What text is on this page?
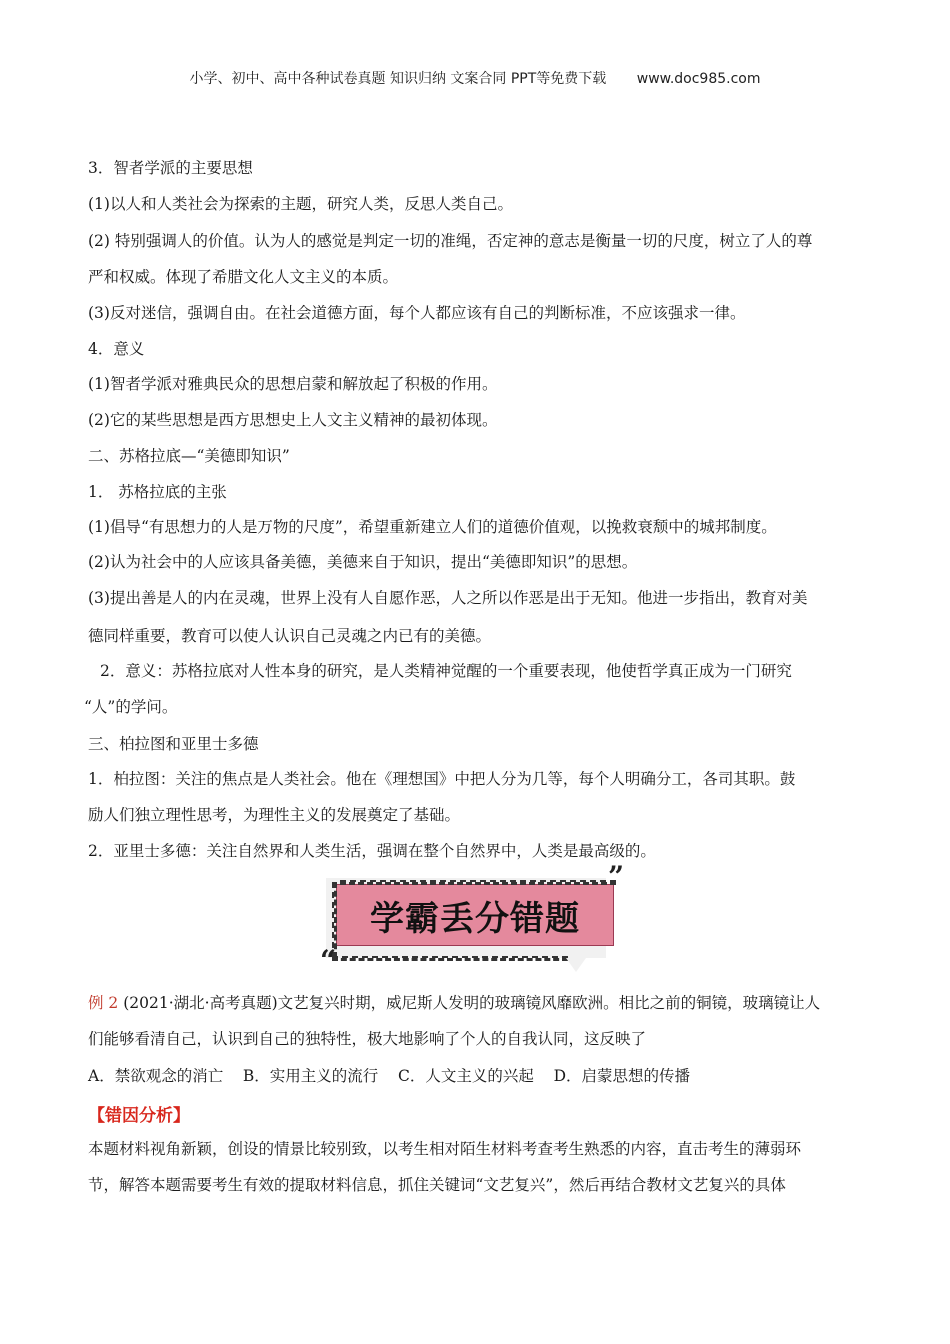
小学、初中、高中各种试卷真题 知识归纳 文案合同 PPT等免费下载 www.doc985.com
3．智者学派的主要思想
(1)以人和人类社会为探索的主题，研究人类，反思人类自己。
(2) 特别强调人的价值。认为人的感觉是判定一切的准绳，否定神的意志是衡量一切的尺度，树立了人的尊
严和权威。体现了希腊文化人文主义的本质。
(3)反对迷信，强调自由。在社会道德方面，每个人都应该有自己的判断标准，不应该强求一律。
4．意义
(1)智者学派对雅典民众的思想启蒙和解放起了积极的作用。
(2)它的某些思想是西方思想史上人文主义精神的最初体现。
二、苏格拉底—“美德即知识”
1． 苏格拉底的主张
(1)倡导“有思想力的人是万物的尺度”，希望重新建立人们的道德价值观，以挽救衰颓中的城邦制度。
(2)认为社会中的人应该具备美德，美德来自于知识，提出“美德即知识”的思想。
(3)提出善是人的内在灵魂，世界上没有人自愿作恶，人之所以作恶是出于无知。他进一步指出，教育对美
德同样重要，教育可以使人认识自己灵魂之内已有的美德。
2．意义：苏格拉底对人性本身的研究，是人类精神觉醒的一个重要表现，他使哲学真正成为一门研究
“人”的学问。
三、柏拉图和亚里士多德
1．柏拉图：关注的焦点是人类社会。他在《理想国》中把人分为几等，每个人明确分工，各司其职。鼓
励人们独立理性思考，为理性主义的发展奠定了基础。
2．亚里士多德：关注自然界和人类生活，强调在整个自然界中，人类是最高级的。
学霸丢分错题
”
“
例 2 (2021·湖北·高考真题)文艺复兴时期，威尼斯人发明的玻璃镜风靡欧洲。相比之前的铜镜，玻璃镜让人
们能够看清自己，认识到自己的独特性，极大地影响了个人的自我认同，这反映了
A．禁欲观念的消亡    B．实用主义的流行    C．人文主义的兴起    D．启蒙思想的传播
【错因分析】
本题材料视角新颖，创设的情景比较别致，以考生相对陌生材料考查考生熟悉的内容，直击考生的薄弱环
节，解答本题需要考生有效的提取材料信息，抓住关键词“文艺复兴”，然后再结合教材文艺复兴的具体
